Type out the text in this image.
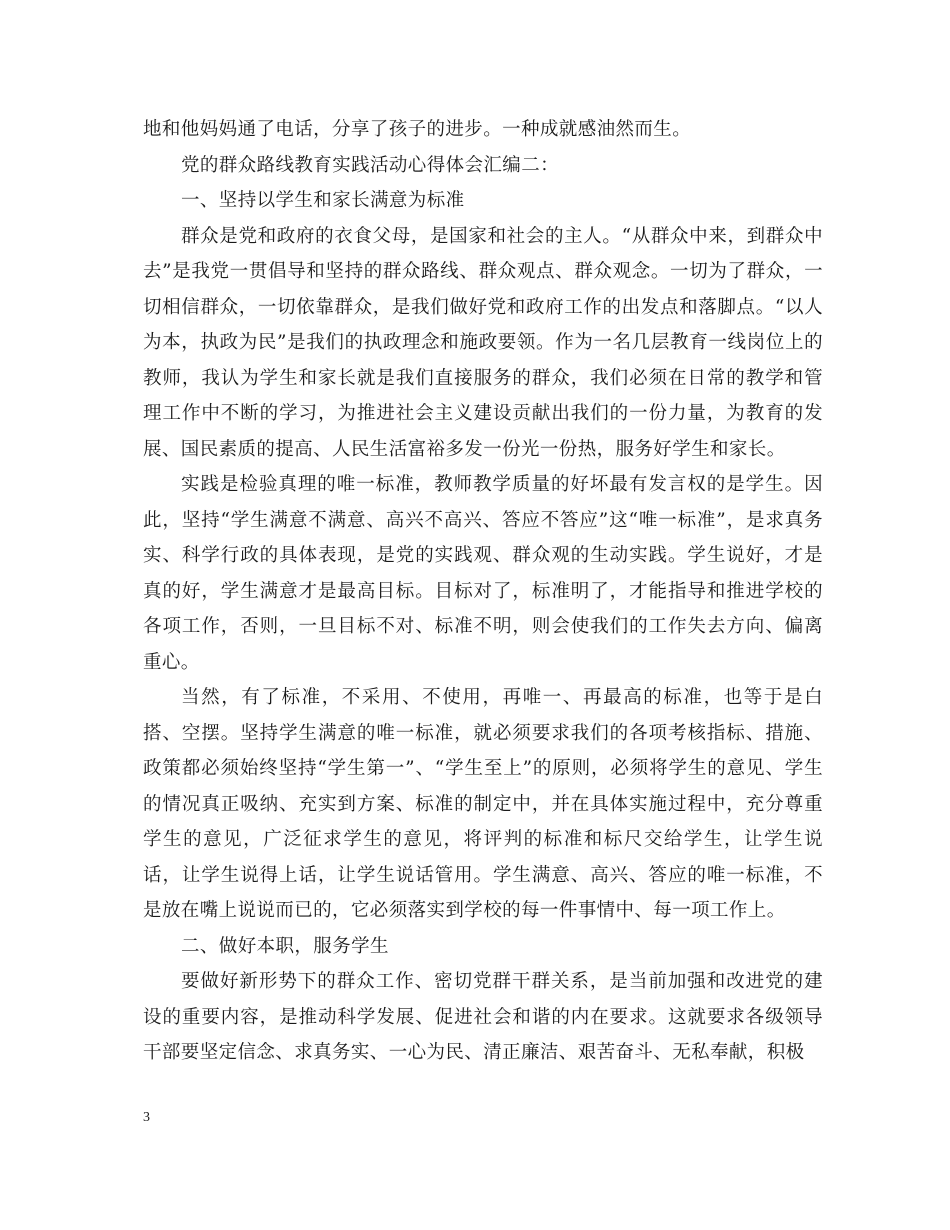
地和他妈妈通了电话，分享了孩子的进步。一种成就感油然而生。

党的群众路线教育实践活动心得体会汇编二：

一、坚持以学生和家长满意为标准

群众是党和政府的衣食父母，是国家和社会的主人。“从群众中来，到群众中去”是我党一贯倡导和坚持的群众路线、群众观点、群众观念。一切为了群众，一切相信群众，一切依靠群众，是我们做好党和政府工作的出发点和落脚点。“以人为本，执政为民”是我们的执政理念和施政要领。作为一名几层教育一线岗位上的教师，我认为学生和家长就是我们直接服务的群众，我们必须在日常的教学和管理工作中不断的学习，为推进社会主义建设贡献出我们的一份力量，为教育的发展、国民素质的提高、人民生活富裕多发一份光一份热，服务好学生和家长。

实践是检验真理的唯一标准，教师教学质量的好坏最有发言权的是学生。因此，坚持“学生满意不满意、高兴不高兴、答应不答应”这“唯一标准”，是求真务实、科学行政的具体表现，是党的实践观、群众观的生动实践。学生说好，才是真的好，学生满意才是最高目标。目标对了，标准明了，才能指导和推进学校的各项工作，否则，一旦目标不对、标准不明，则会使我们的工作失去方向、偏离重心。

当然，有了标准，不采用、不使用，再唯一、再最高的标准，也等于是白搭、空摆。坚持学生满意的唯一标准，就必须要求我们的各项考核指标、措施、政策都必须始终坚持“学生第一”、“学生至上”的原则，必须将学生的意见、学生的情况真正吸纳、充实到方案、标准的制定中，并在具体实施过程中，充分尊重学生的意见，广泛征求学生的意见，将评判的标准和标尺交给学生，让学生说话，让学生说得上话，让学生说话管用。学生满意、高兴、答应的唯一标准，不是放在嘴上说说而已的，它必须落实到学校的每一件事情中、每一项工作上。

二、做好本职，服务学生

要做好新形势下的群众工作、密切党群干群关系，是当前加强和改进党的建设的重要内容，是推动科学发展、促进社会和谐的内在要求。这就要求各级领导干部要坚定信念、求真务实、一心为民、清正廉洁、艰苦奋斗、无私奉献，积极

3
